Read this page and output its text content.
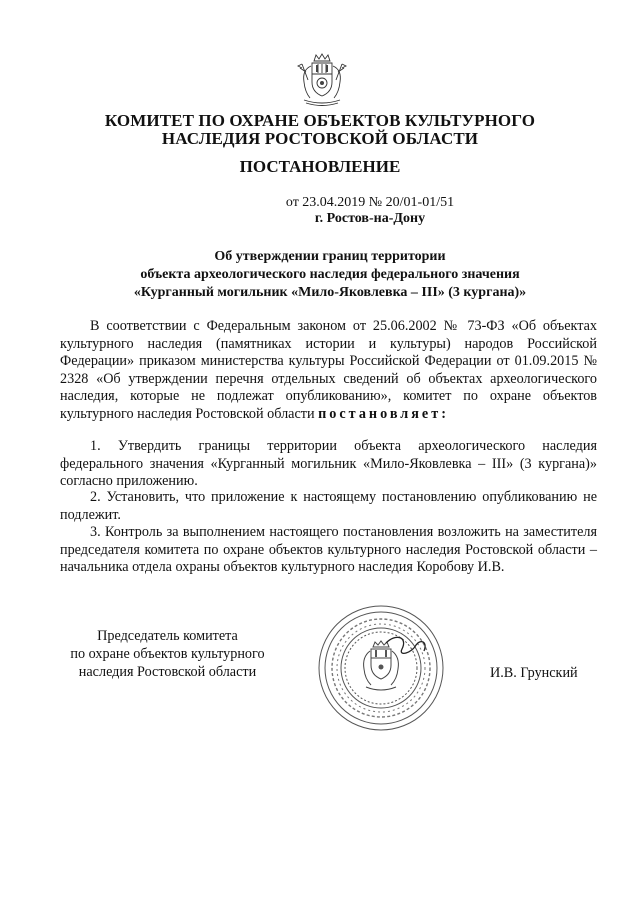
КОМИТЕТ ПО ОХРАНЕ ОБЪЕКТОВ КУЛЬТУРНОГО
НАСЛЕДИЯ РОСТОВСКОЙ ОБЛАСТИ
ПОСТАНОВЛЕНИЕ
от 23.04.2019 № 20/01-01/51
г. Ростов-на-Дону
Об утверждении границ территории
объекта археологического наследия федерального значения
«Курганный могильник «Мило-Яковлевка – III» (3 кургана)»
В соответствии с Федеральным законом от 25.06.2002 № 73-ФЗ «Об объектах культурного наследия (памятниках истории и культуры) народов Российской Федерации» приказом министерства культуры Российской Федерации от 01.09.2015 № 2328 «Об утверждении перечня отдельных сведений об объектах археологического наследия, которые не подлежат опубликованию», комитет по охране объектов культурного наследия Ростовской области постановляет:
1. Утвердить границы территории объекта археологического наследия федерального значения «Курганный могильник «Мило-Яковлевка – III» (3 кургана)» согласно приложению.
2. Установить, что приложение к настоящему постановлению опубликованию не подлежит.
3. Контроль за выполнением настоящего постановления возложить на заместителя председателя комитета по охране объектов культурного наследия Ростовской области – начальника отдела охраны объектов культурного наследия Коробову И.В.
Председатель комитета
по охране объектов культурного
наследия Ростовской области	И.В. Грунский
